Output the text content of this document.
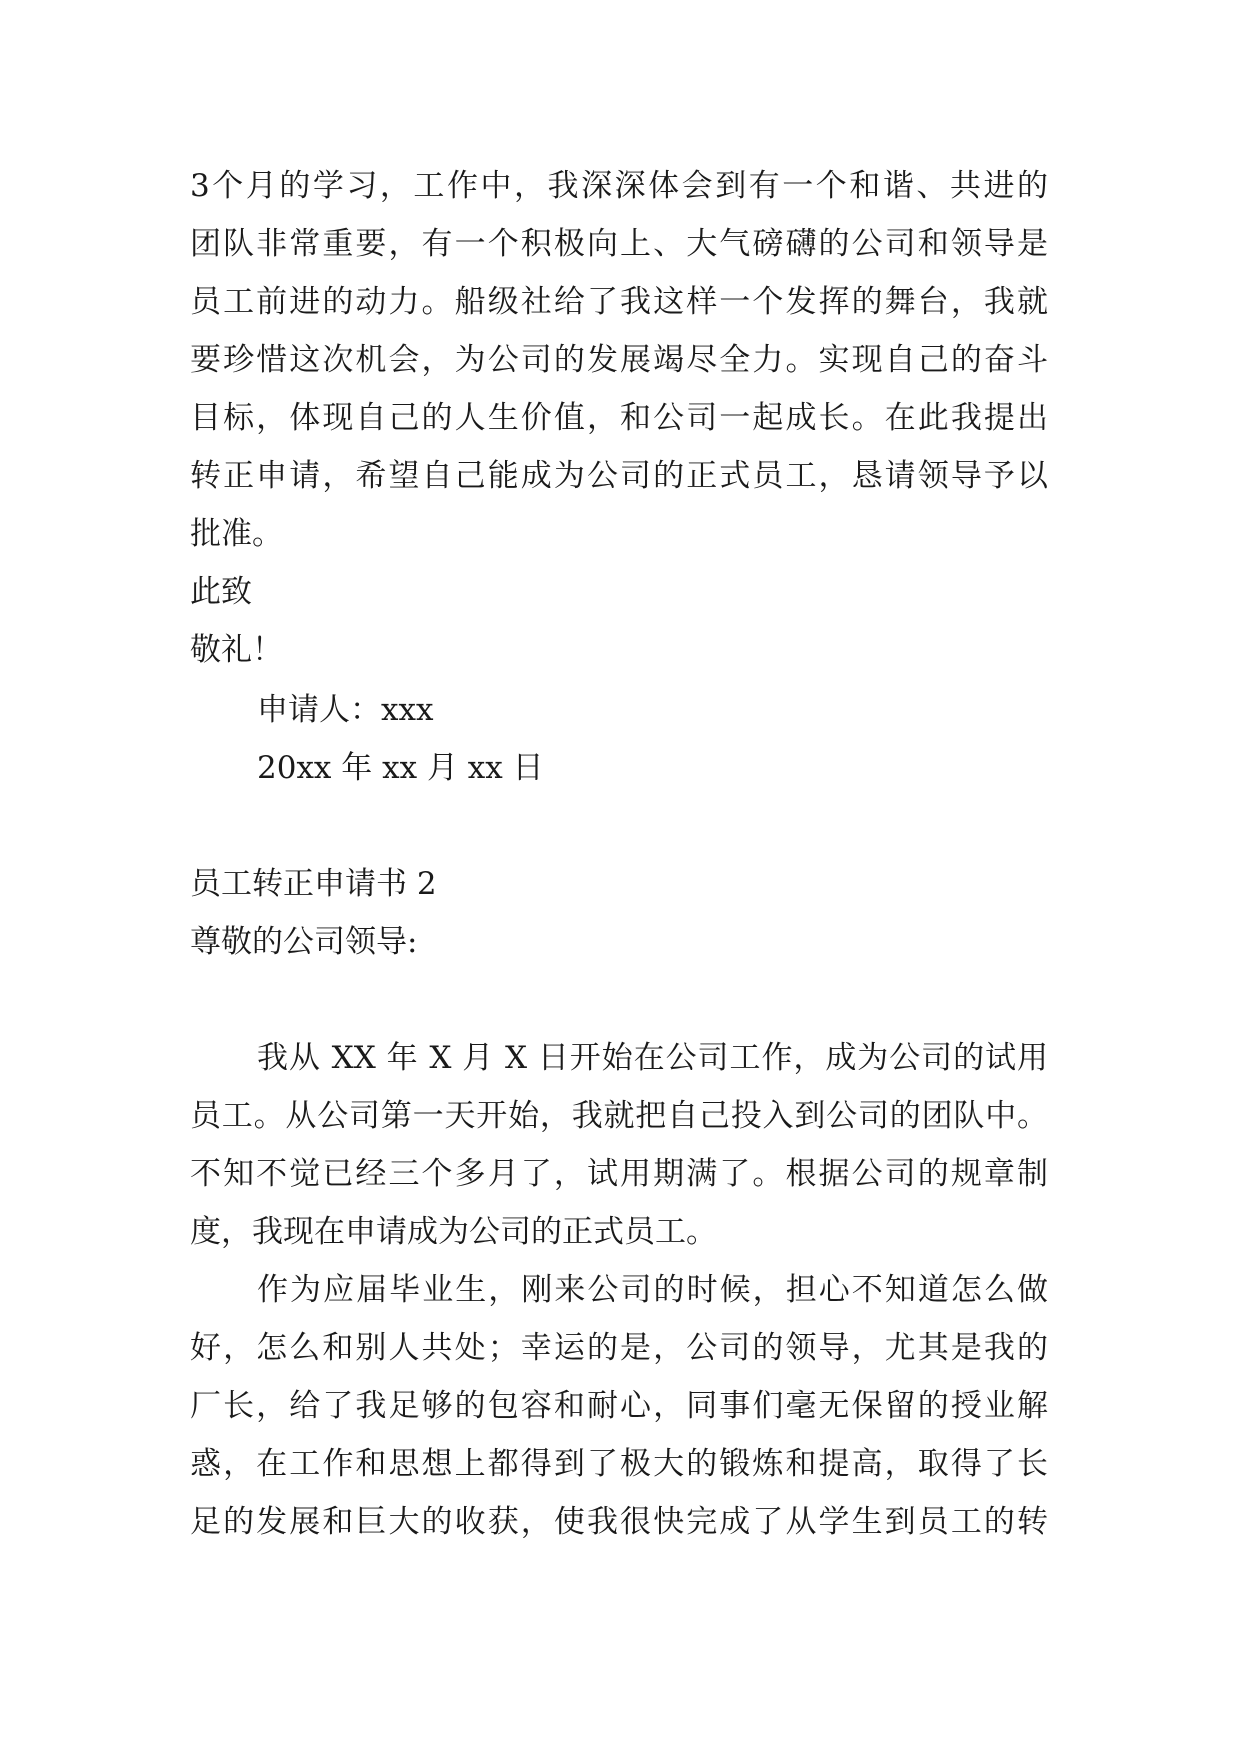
3个月的学习，工作中，我深深体会到有一个和谐、共进的
团队非常重要，有一个积极向上、大气磅礴的公司和领导是
员工前进的动力。船级社给了我这样一个发挥的舞台，我就
要珍惜这次机会，为公司的发展竭尽全力。实现自己的奋斗
目标，体现自己的人生价值，和公司一起成长。在此我提出
转正申请，希望自己能成为公司的正式员工，恳请领导予以
批准。
此致
敬礼！
申请人：xxx
20xx 年 xx 月 xx 日
员工转正申请书 2
尊敬的公司领导:
我从 XX 年 X 月 X 日开始在公司工作，成为公司的试用
员工。从公司第一天开始，我就把自己投入到公司的团队中。
不知不觉已经三个多月了，试用期满了。根据公司的规章制
度，我现在申请成为公司的正式员工。
作为应届毕业生，刚来公司的时候，担心不知道怎么做
好，怎么和别人共处；幸运的是，公司的领导，尤其是我的
厂长，给了我足够的包容和耐心，同事们毫无保留的授业解
惑，在工作和思想上都得到了极大的锻炼和提高，取得了长
足的发展和巨大的收获，使我很快完成了从学生到员工的转
